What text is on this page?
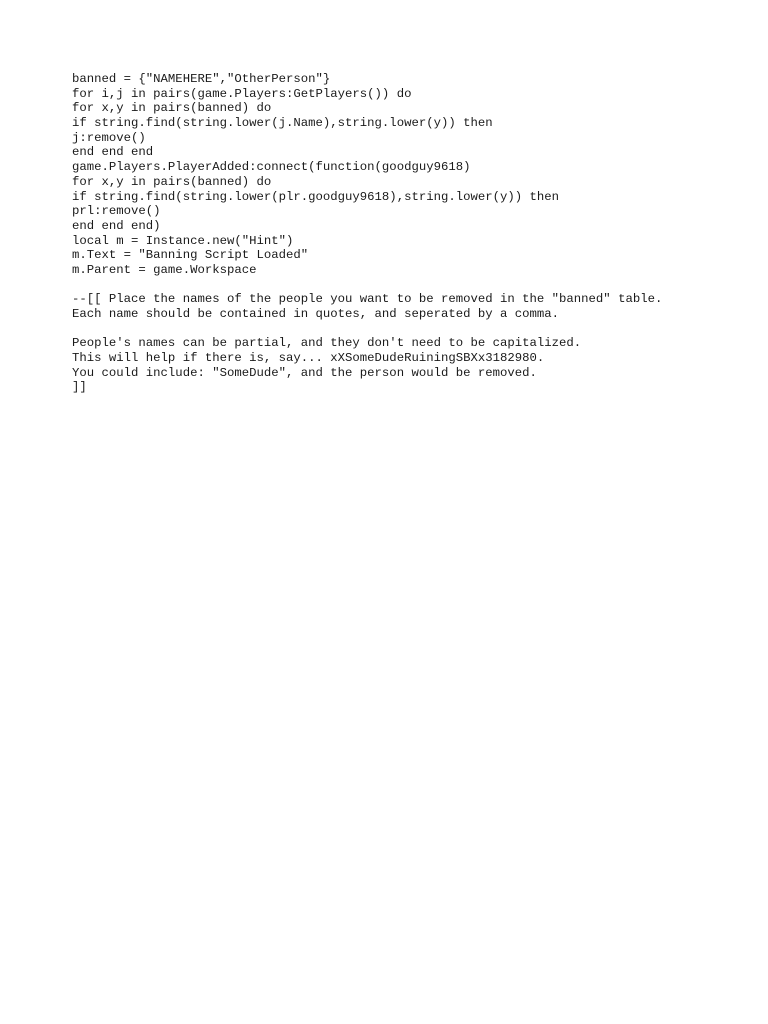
banned = {"NAMEHERE","OtherPerson"}
for i,j in pairs(game.Players:GetPlayers()) do
for x,y in pairs(banned) do
if string.find(string.lower(j.Name),string.lower(y)) then
j:remove()
end end end
game.Players.PlayerAdded:connect(function(goodguy9618)
for x,y in pairs(banned) do
if string.find(string.lower(plr.goodguy9618),string.lower(y)) then
prl:remove()
end end end)
local m = Instance.new("Hint")
m.Text = "Banning Script Loaded"
m.Parent = game.Workspace
--[[ Place the names of the people you want to be removed in the "banned" table.
Each name should be contained in quotes, and seperated by a comma.
People's names can be partial, and they don't need to be capitalized.
This will help if there is, say... xXSomeDudeRuiningSBXx3182980.
You could include: "SomeDude", and the person would be removed.
]]
